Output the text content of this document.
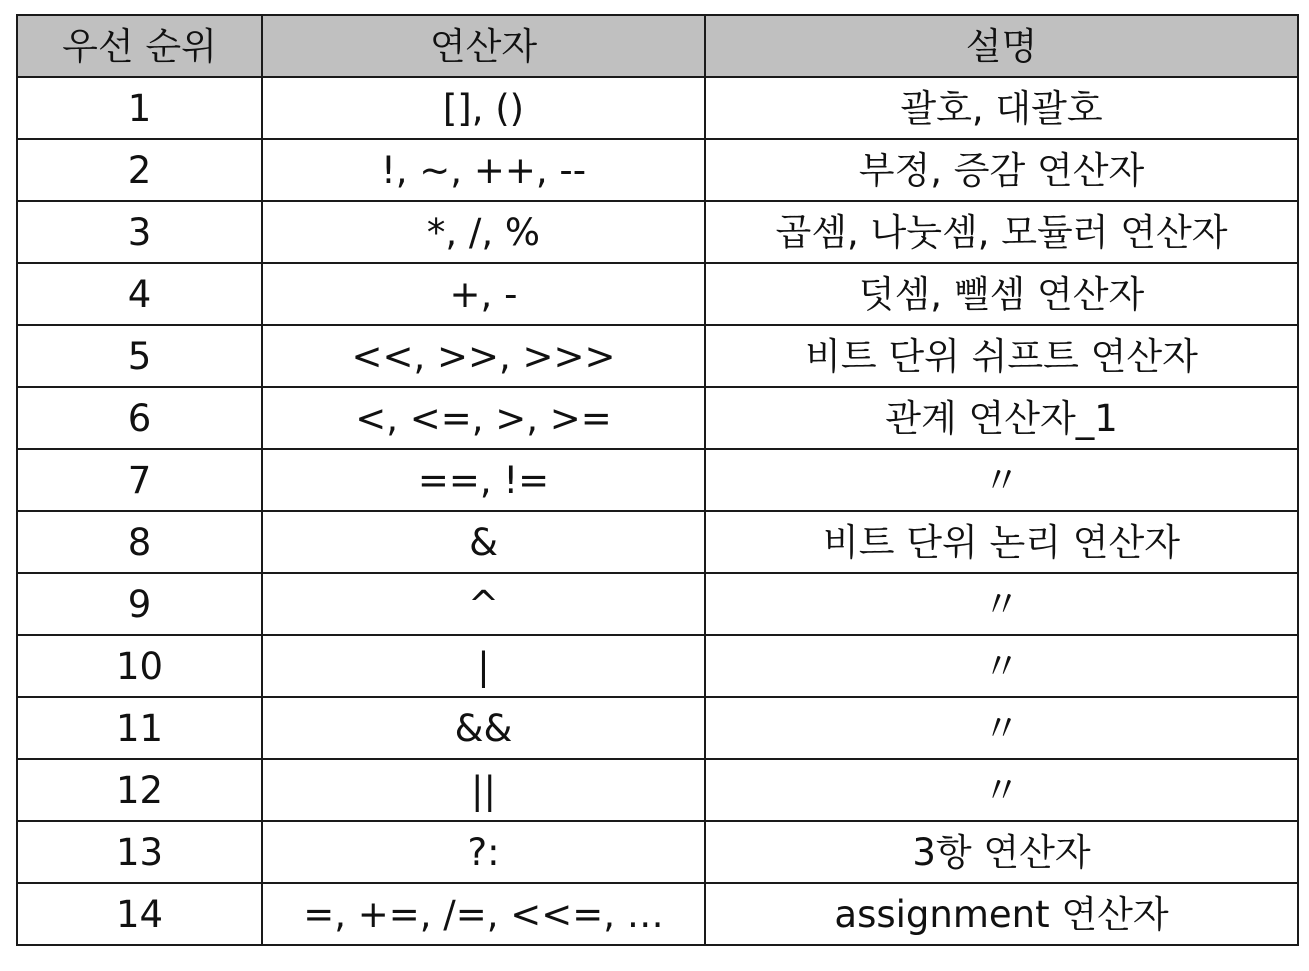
우선 순위	연산자	설명
1	[], ()	괄호, 대괄호
2	!, ~, ++, --	부정, 증감 연산자
3	*, /, %	곱셈, 나눗셈, 모듈러 연산자
4	+, -	덧셈, 뺄셈 연산자
5	<<, >>, >>>	비트 단위 쉬프트 연산자
6	<, <=, >, >=	관계 연산자_1
7	==, !=	〃
8	&	비트 단위 논리 연산자
9	^	〃
10	|	〃
11	&&	〃
12	||	〃
13	?:	3항 연산자
14	=, +=, /=, <<=, …	assignment 연산자
